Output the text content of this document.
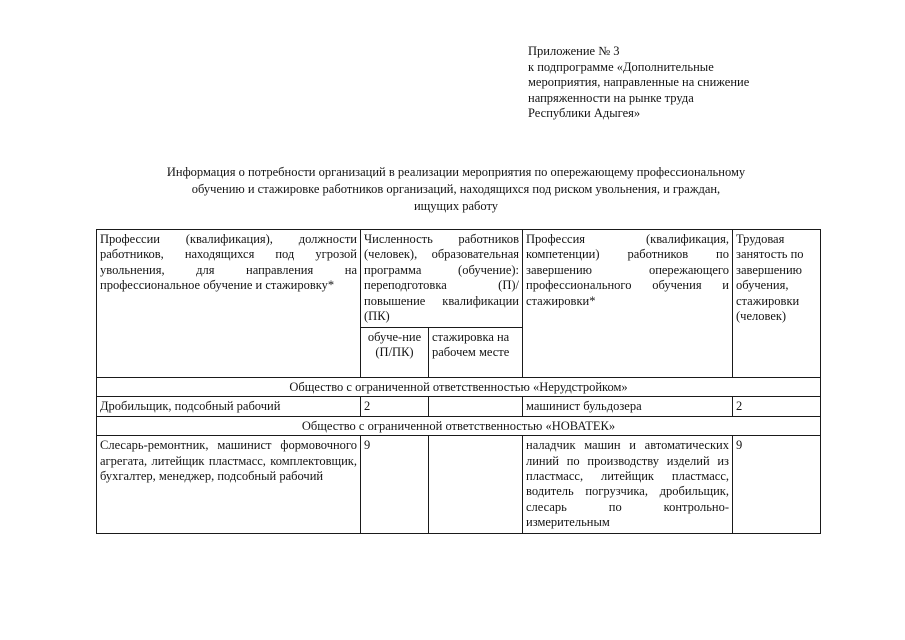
Приложение № 3
к подпрограмме «Дополнительные
мероприятия, направленные на снижение
напряженности на рынке труда
Республики Адыгея»
Информация о потребности организаций в реализации мероприятия по опережающему профессиональному
обучению и стажировке работников организаций, находящихся под риском увольнения, и граждан,
ищущих работу
Профессии (квалификация), должности работников, находящихся под угрозой увольнения, для направления на профессиональное обучение и стажировку*	Численность работников (человек), образовательная программа (обучение): переподготовка (П)/ повышение квалификации (ПК)		Профессия (квалификация, компетенции) работников по завершению опережающего профессионального обучения и стажировки*	Трудовая занятость по завершению обучения, стажировки (человек)
	обуче-ние (П/ПК)	стажировка на рабочем месте		
Общество с ограниченной ответственностью «Нерудстройком»				
Дробильщик, подсобный рабочий	2		машинист бульдозера	2
Общество с ограниченной ответственностью «НОВАТЕК»				
Слесарь-ремонтник, машинист формовочного агрегата, литейщик пластмасс, комплектовщик, бухгалтер, менеджер, подсобный рабочий	9		наладчик машин и автоматических линий по производству изделий из пластмасс, литейщик пластмасс, водитель погрузчика, дробильщик, слесарь по контрольно-измерительным	9
